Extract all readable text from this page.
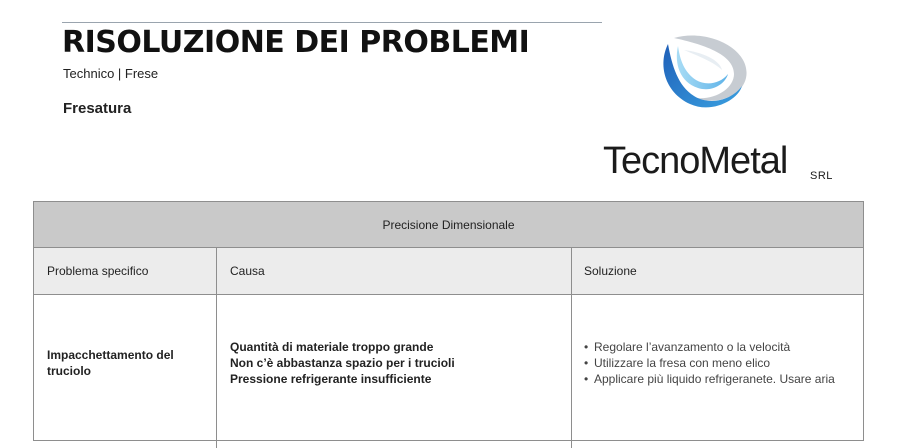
RISOLUZIONE DEI PROBLEMI
Technico | Frese
Fresatura
TecnoMetal SRL
Precisione Dimensionale
Problema specifico	Causa	Soluzione
Impacchettamento del truciolo
Quantità di materiale troppo grande
Non c’è abbastanza spazio per i trucioli
Pressione refrigerante insufficiente
• Regolare l’avanzamento o la velocità
• Utilizzare la fresa con meno elico
• Applicare più liquido refrigeranete. Usare aria
